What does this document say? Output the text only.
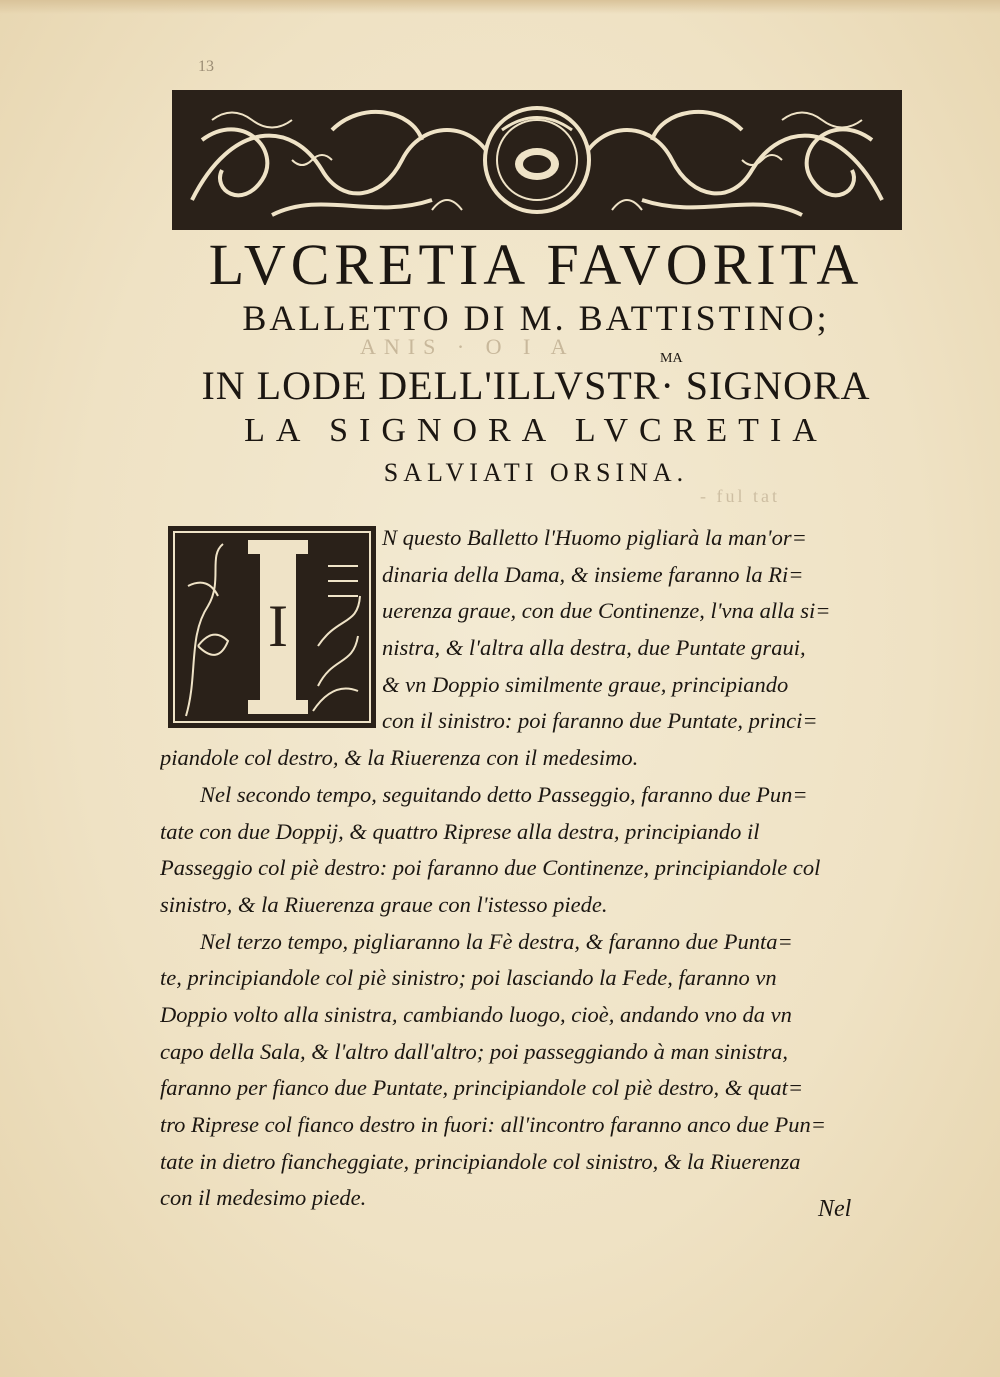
13
LVCRETIA FAVORITA
BALLETTO DI M. BATTISTINO;
ANIS · O I A	MA
IN LODE DELL'ILLVSTR· SIGNORA
LA SIGNORA LVCRETIA
SALVIATI ORSINA.
- ful tat
I
N questo Balletto l'Huomo pigliarà la man'or=
dinaria della Dama, & insieme faranno la Ri=
uerenza graue, con due Continenze, l'vna alla si=
nistra, & l'altra alla destra, due Puntate graui,
& vn Doppio similmente graue, principiando
con il sinistro: poi faranno due Puntate, princi=
piandole col destro, & la Riuerenza con il medesimo.
Nel secondo tempo, seguitando detto Passeggio, faranno due Pun=
tate con due Doppij, & quattro Riprese alla destra, principiando il
Passeggio col piè destro: poi faranno due Continenze, principiandole col
sinistro, & la Riuerenza graue con l'istesso piede.
Nel terzo tempo, pigliaranno la Fè destra, & faranno due Punta=
te, principiandole col piè sinistro; poi lasciando la Fede, faranno vn
Doppio volto alla sinistra, cambiando luogo, cioè, andando vno da vn
capo della Sala, & l'altro dall'altro; poi passeggiando à man sinistra,
faranno per fianco due Puntate, principiandole col piè destro, & quat=
tro Riprese col fianco destro in fuori: all'incontro faranno anco due Pun=
tate in dietro fiancheggiate, principiandole col sinistro, & la Riuerenza
con il medesimo piede.	Nel
